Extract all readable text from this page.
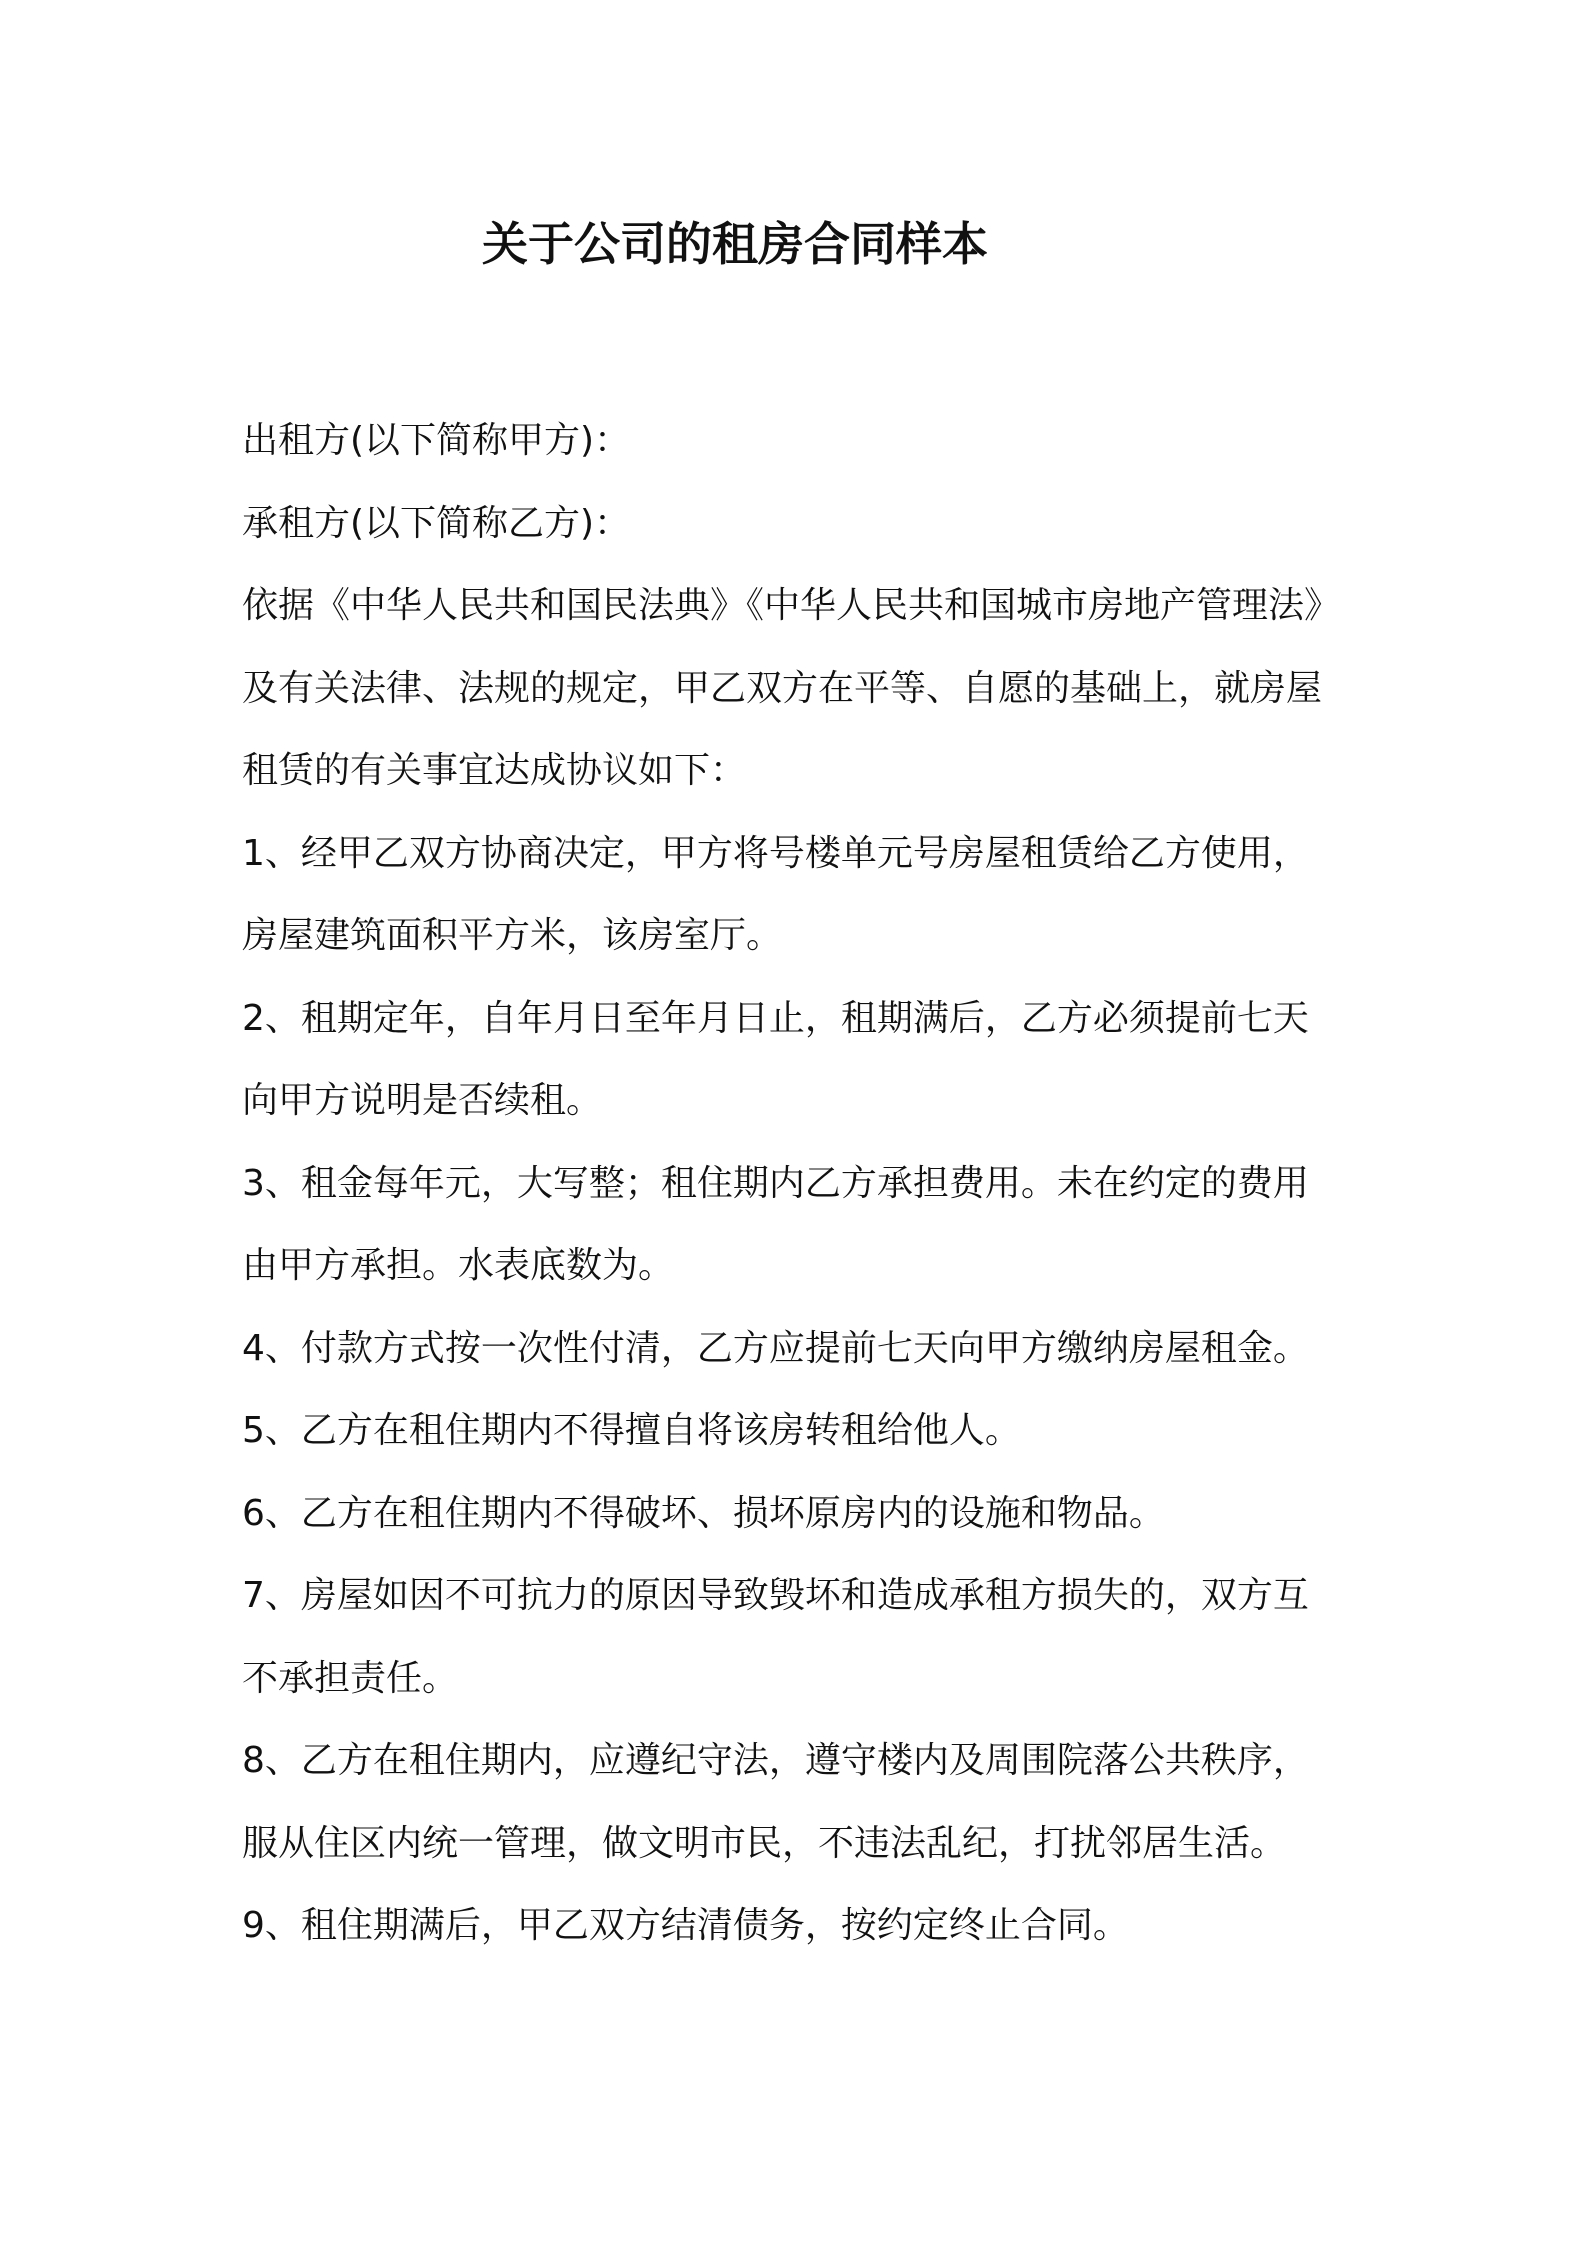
关于公司的租房合同样本

出租方(以下简称甲方)：

承租方(以下简称乙方)：

依据《中华人民共和国民法典》《中华人民共和国城市房地产管理法》

及有关法律、法规的规定，甲乙双方在平等、自愿的基础上，就房屋

租赁的有关事宜达成协议如下：

1、经甲乙双方协商决定，甲方将号楼单元号房屋租赁给乙方使用，

房屋建筑面积平方米，该房室厅。

2、租期定年，自年月日至年月日止，租期满后，乙方必须提前七天

向甲方说明是否续租。

3、租金每年元，大写整；租住期内乙方承担费用。未在约定的费用

由甲方承担。水表底数为。

4、付款方式按一次性付清，乙方应提前七天向甲方缴纳房屋租金。

5、乙方在租住期内不得擅自将该房转租给他人。

6、乙方在租住期内不得破坏、损坏原房内的设施和物品。

7、房屋如因不可抗力的原因导致毁坏和造成承租方损失的，双方互

不承担责任。

8、乙方在租住期内，应遵纪守法，遵守楼内及周围院落公共秩序，

服从住区内统一管理，做文明市民，不违法乱纪，打扰邻居生活。

9、租住期满后，甲乙双方结清债务，按约定终止合同。
